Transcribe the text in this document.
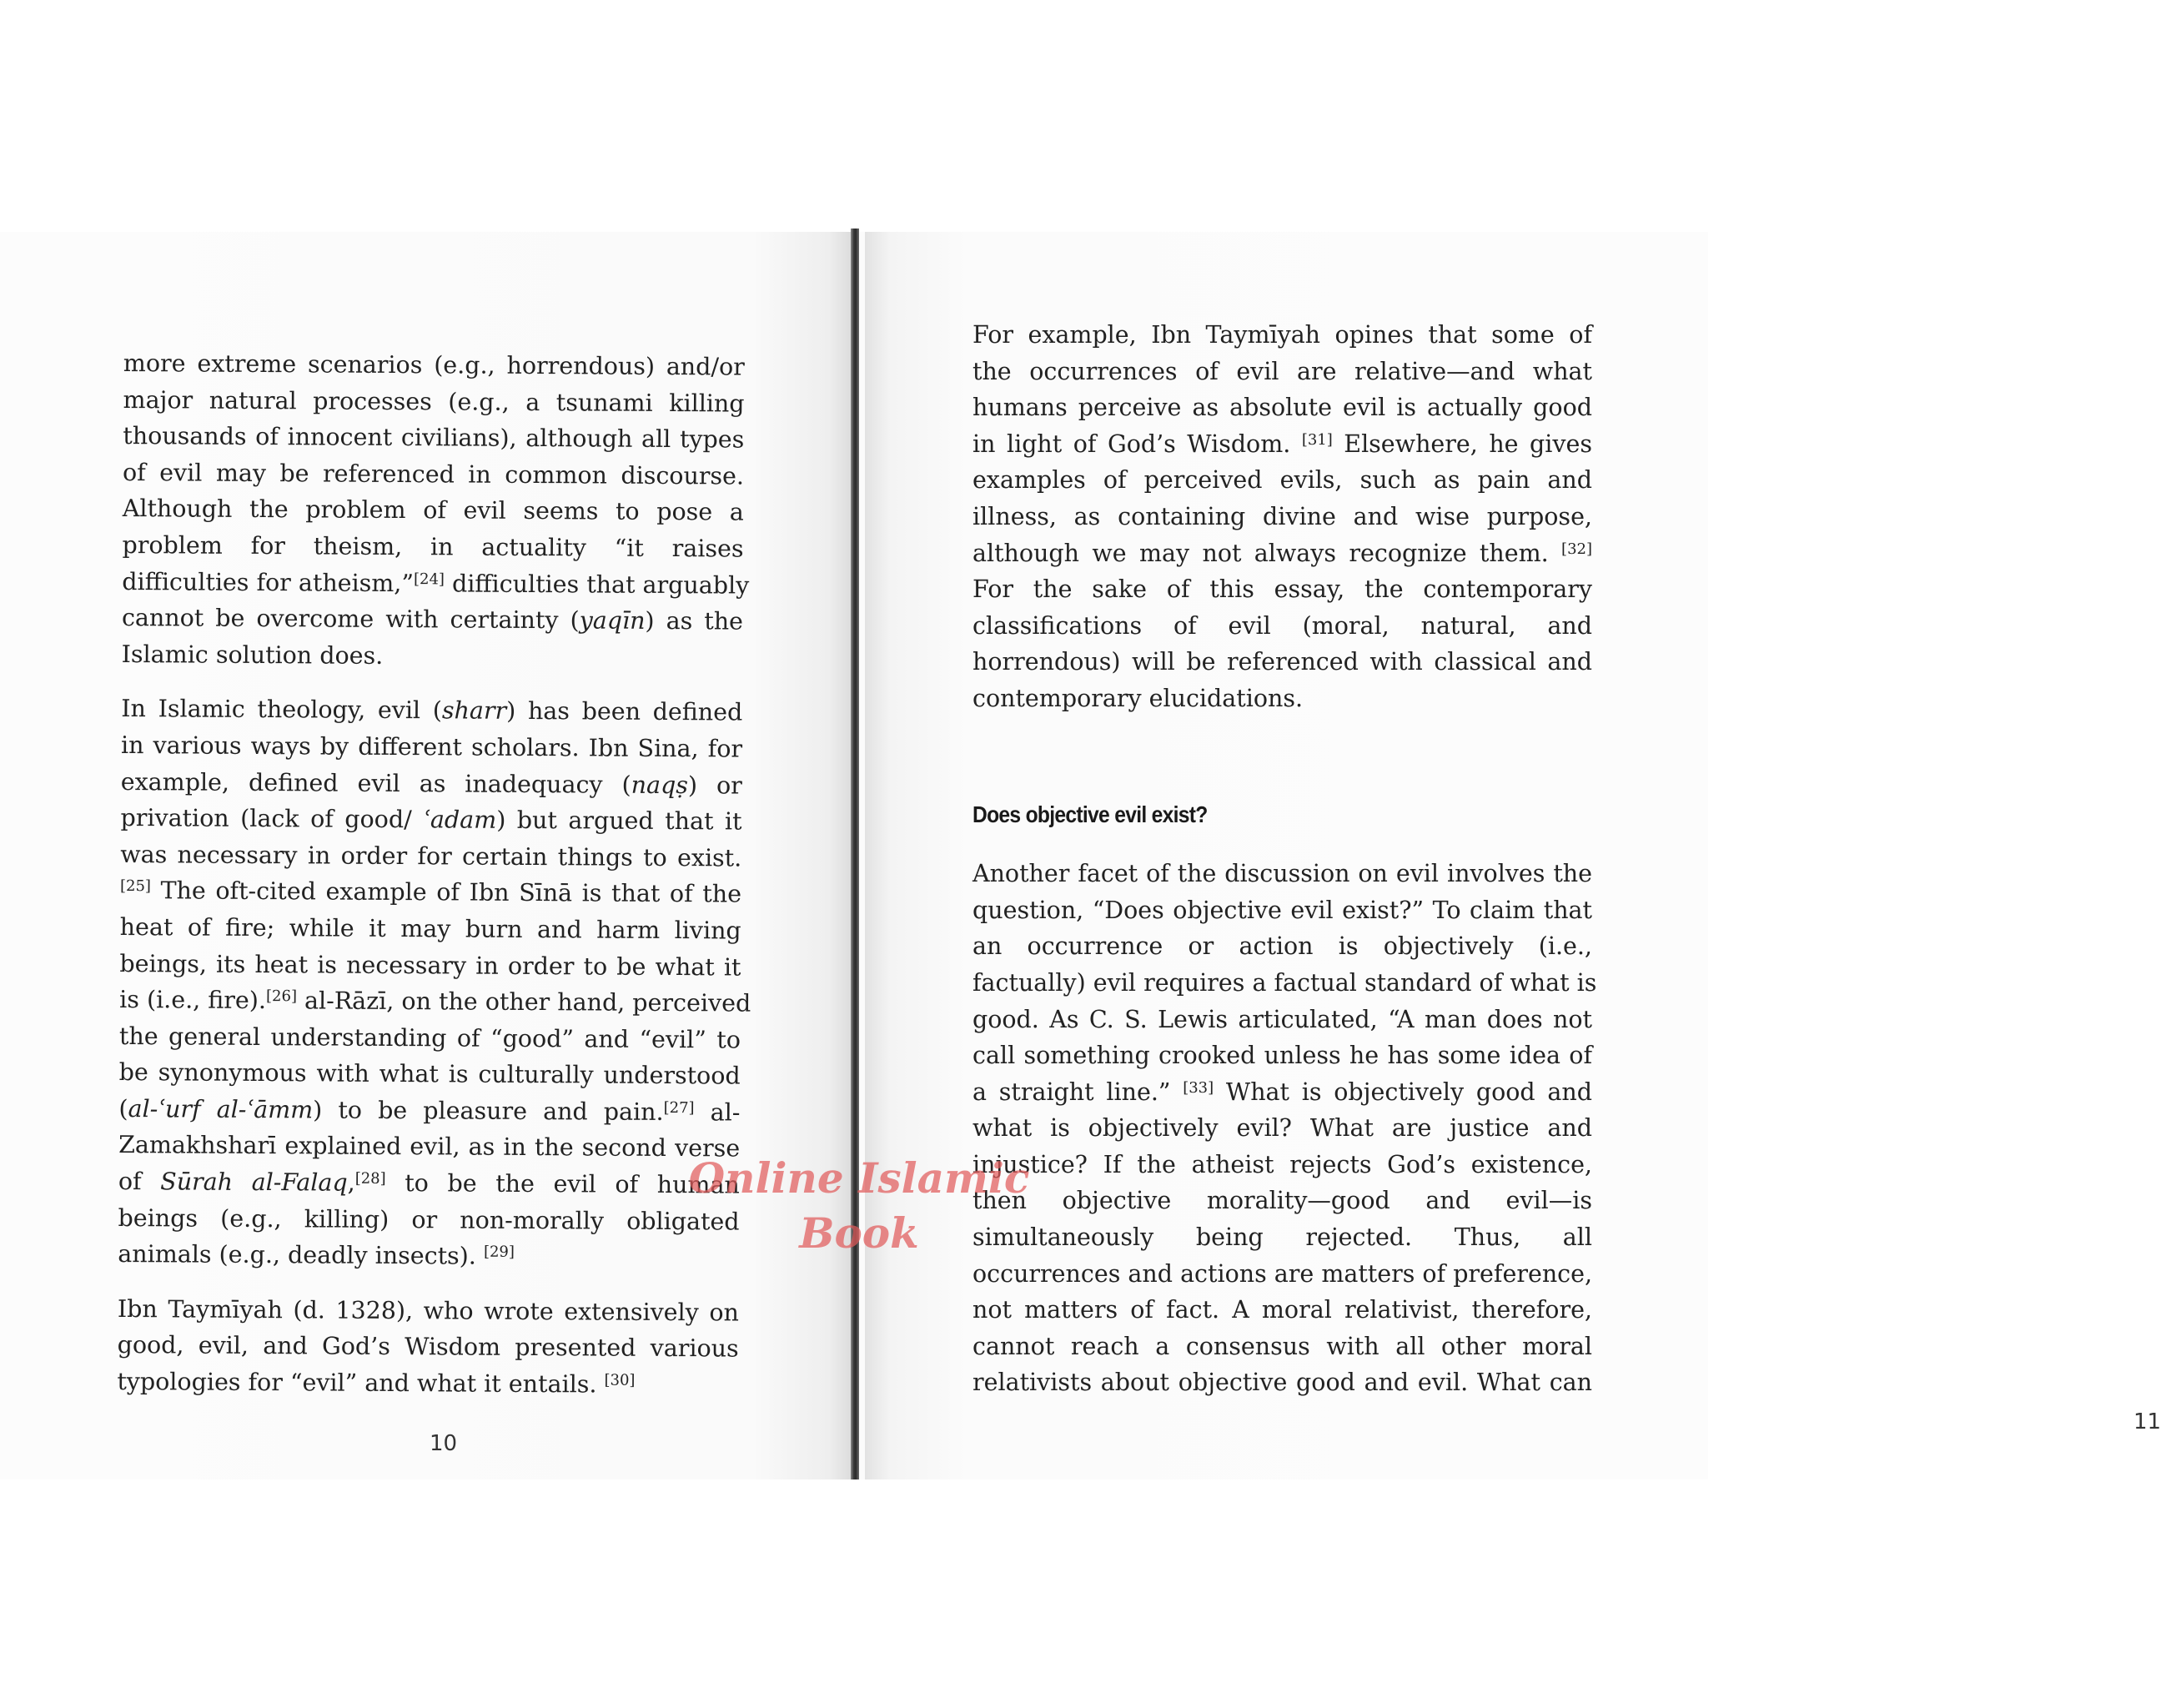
more extreme scenarios (e.g., horrendous) and/or
major natural processes (e.g., a tsunami killing
thousands of innocent civilians), although all types
of evil may be referenced in common discourse.
Although the problem of evil seems to pose a
problem for theism, in actuality “it raises
difficulties for atheism,”[24] difficulties that arguably
cannot be overcome with certainty (yaqīn) as the
Islamic solution does.

In Islamic theology, evil (sharr) has been defined
in various ways by different scholars. Ibn Sina, for
example, defined evil as inadequacy (naqṣ) or
privation (lack of good/ ʿadam) but argued that it
was necessary in order for certain things to exist.
[25] The oft-cited example of Ibn Sīnā is that of the
heat of fire; while it may burn and harm living
beings, its heat is necessary in order to be what it
is (i.e., fire).[26] al-Rāzī, on the other hand, perceived
the general understanding of “good” and “evil” to
be synonymous with what is culturally understood
(al-ʿurf al-ʿāmm) to be pleasure and pain.[27] al-
Zamakhsharī explained evil, as in the second verse
of Sūrah al-Falaq,[28] to be the evil of human
beings (e.g., killing) or non-morally obligated
animals (e.g., deadly insects). [29]

Ibn Taymīyah (d. 1328), who wrote extensively on
good, evil, and God’s Wisdom presented various
typologies for “evil” and what it entails. [30]

10

For example, Ibn Taymīyah opines that some of
the occurrences of evil are relative—and what
humans perceive as absolute evil is actually good
in light of God’s Wisdom. [31] Elsewhere, he gives
examples of perceived evils, such as pain and
illness, as containing divine and wise purpose,
although we may not always recognize them. [32]
For the sake of this essay, the contemporary
classifications of evil (moral, natural, and
horrendous) will be referenced with classical and
contemporary elucidations.

Does objective evil exist?

Another facet of the discussion on evil involves the
question, “Does objective evil exist?” To claim that
an occurrence or action is objectively (i.e.,
factually) evil requires a factual standard of what is
good. As C. S. Lewis articulated, “A man does not
call something crooked unless he has some idea of
a straight line.” [33] What is objectively good and
what is objectively evil? What are justice and
injustice? If the atheist rejects God’s existence,
then objective morality—good and evil—is
simultaneously being rejected. Thus, all
occurrences and actions are matters of preference,
not matters of fact. A moral relativist, therefore,
cannot reach a consensus with all other moral
relativists about objective good and evil. What can

11
Online Islamic
Book
